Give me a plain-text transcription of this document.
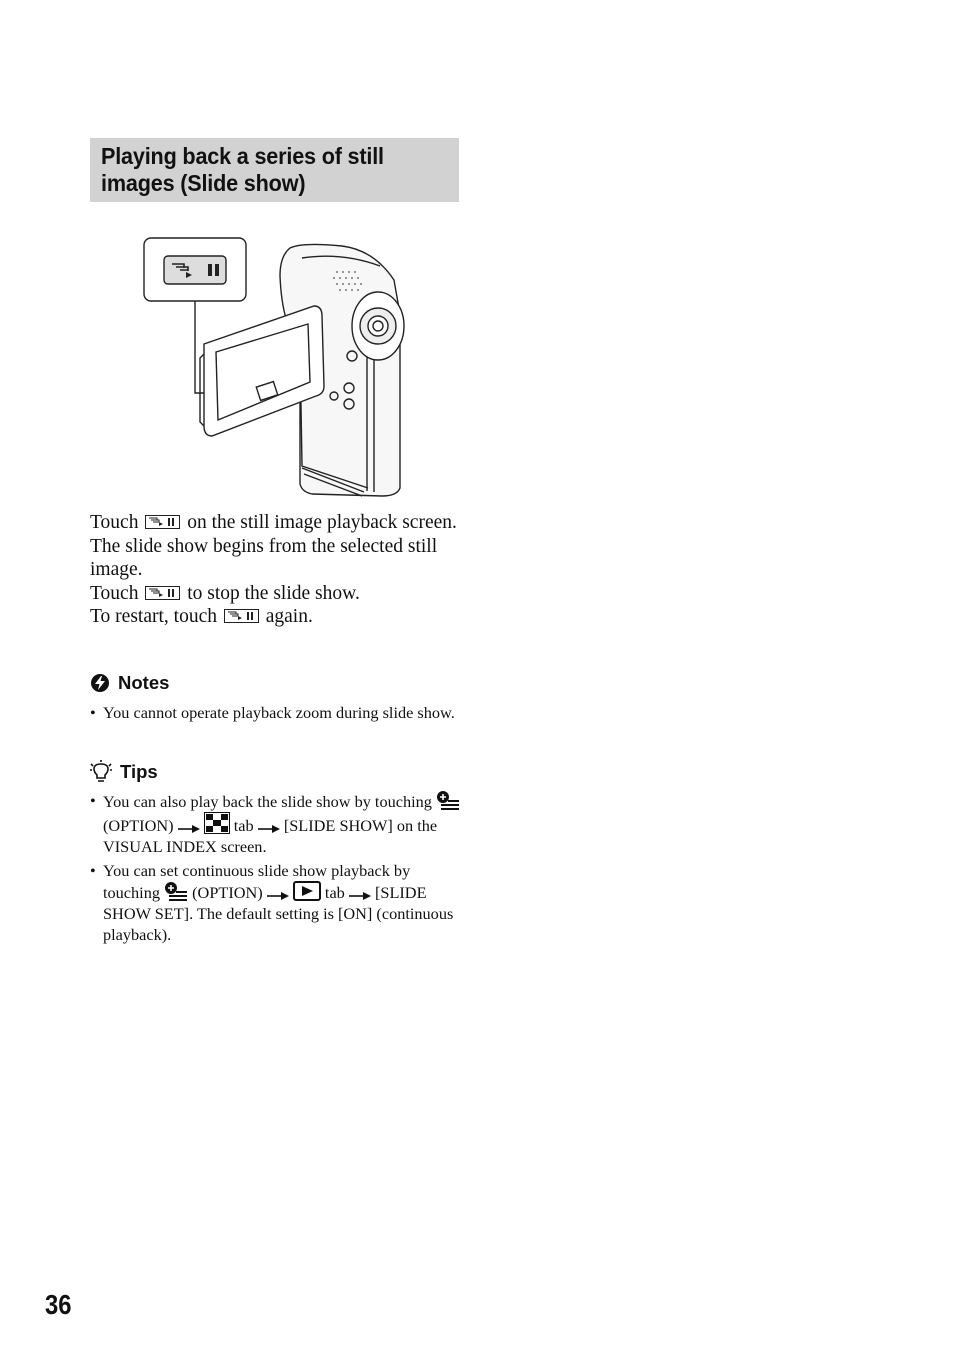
Playing back a series of still
images (Slide show)

Touch	on the still image playback screen.

The slide show begins from the selected still image.

Touch	to stop the slide show.

To restart, touch	again.

Notes
• You cannot operate playback zoom during slide show.
Tips
• You can also play back the slide show by touching  (OPTION)	tab [SLIDE SHOW] on the VISUAL INDEX screen.
• You can set continuous slide show playback by touching (OPTION)	tab [SLIDE SHOW SET]. The default setting is [ON] (continuous playback).
36
